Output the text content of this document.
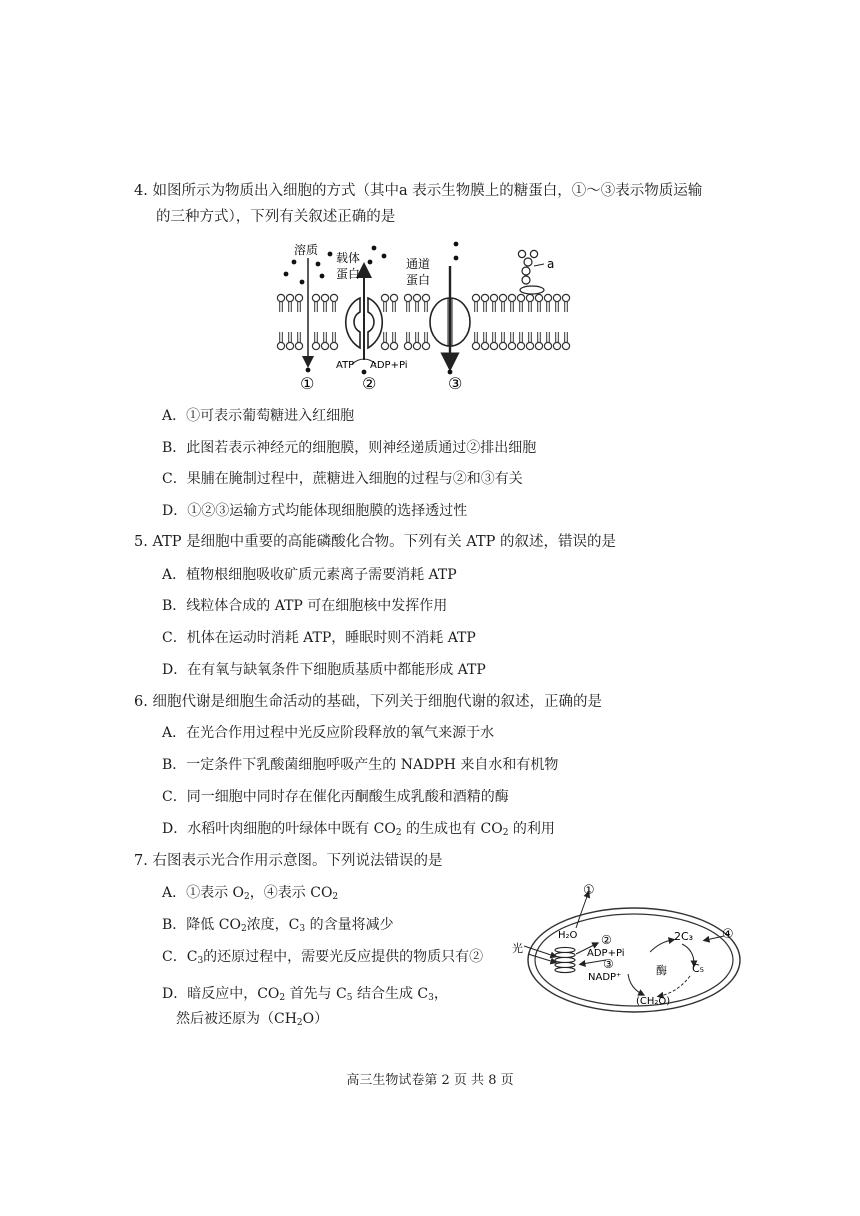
4. 如图所示为物质出入细胞的方式（其中a 表示生物膜上的糖蛋白，①～③表示物质运输
的三种方式），下列有关叙述正确的是
溶质
载体
蛋白
通道
蛋白
a
ATP ADP+Pi
①	②	③
A．①可表示葡萄糖进入红细胞
B．此图若表示神经元的细胞膜，则神经递质通过②排出细胞
C．果脯在腌制过程中，蔗糖进入细胞的过程与②和③有关
D．①②③运输方式均能体现细胞膜的选择透过性
5. ATP 是细胞中重要的高能磷酸化合物。下列有关 ATP 的叙述，错误的是
A．植物根细胞吸收矿质元素离子需要消耗 ATP
B．线粒体合成的 ATP 可在细胞核中发挥作用
C．机体在运动时消耗 ATP，睡眠时则不消耗 ATP
D．在有氧与缺氧条件下细胞质基质中都能形成 ATP
6. 细胞代谢是细胞生命活动的基础，下列关于细胞代谢的叙述，正确的是
A．在光合作用过程中光反应阶段释放的氧气来源于水
B．一定条件下乳酸菌细胞呼吸产生的 NADPH 来自水和有机物
C．同一细胞中同时存在催化丙酮酸生成乳酸和酒精的酶
D．水稻叶肉细胞的叶绿体中既有 $CO_2$ 的生成也有 $CO_2$ 的利用
7. 右图表示光合作用示意图。下列说法错误的是
A．①表示 $O_2$，④表示 $CO_2$
B．降低 $CO_2$浓度，$C_3$ 的含量将减少
C．$C_3$的还原过程中，需要光反应提供的物质只有②
D．暗反应中，$CO_2$ 首先与 $C_5$ 结合生成 $C_3$，
然后被还原为$(CH_2O)$
①
光
H₂O ②
ADP+Pi
③
NADP⁺
2C₃
C₅
酶
(CH₂O)
④
高三生物试卷第 2 页 共 8 页
